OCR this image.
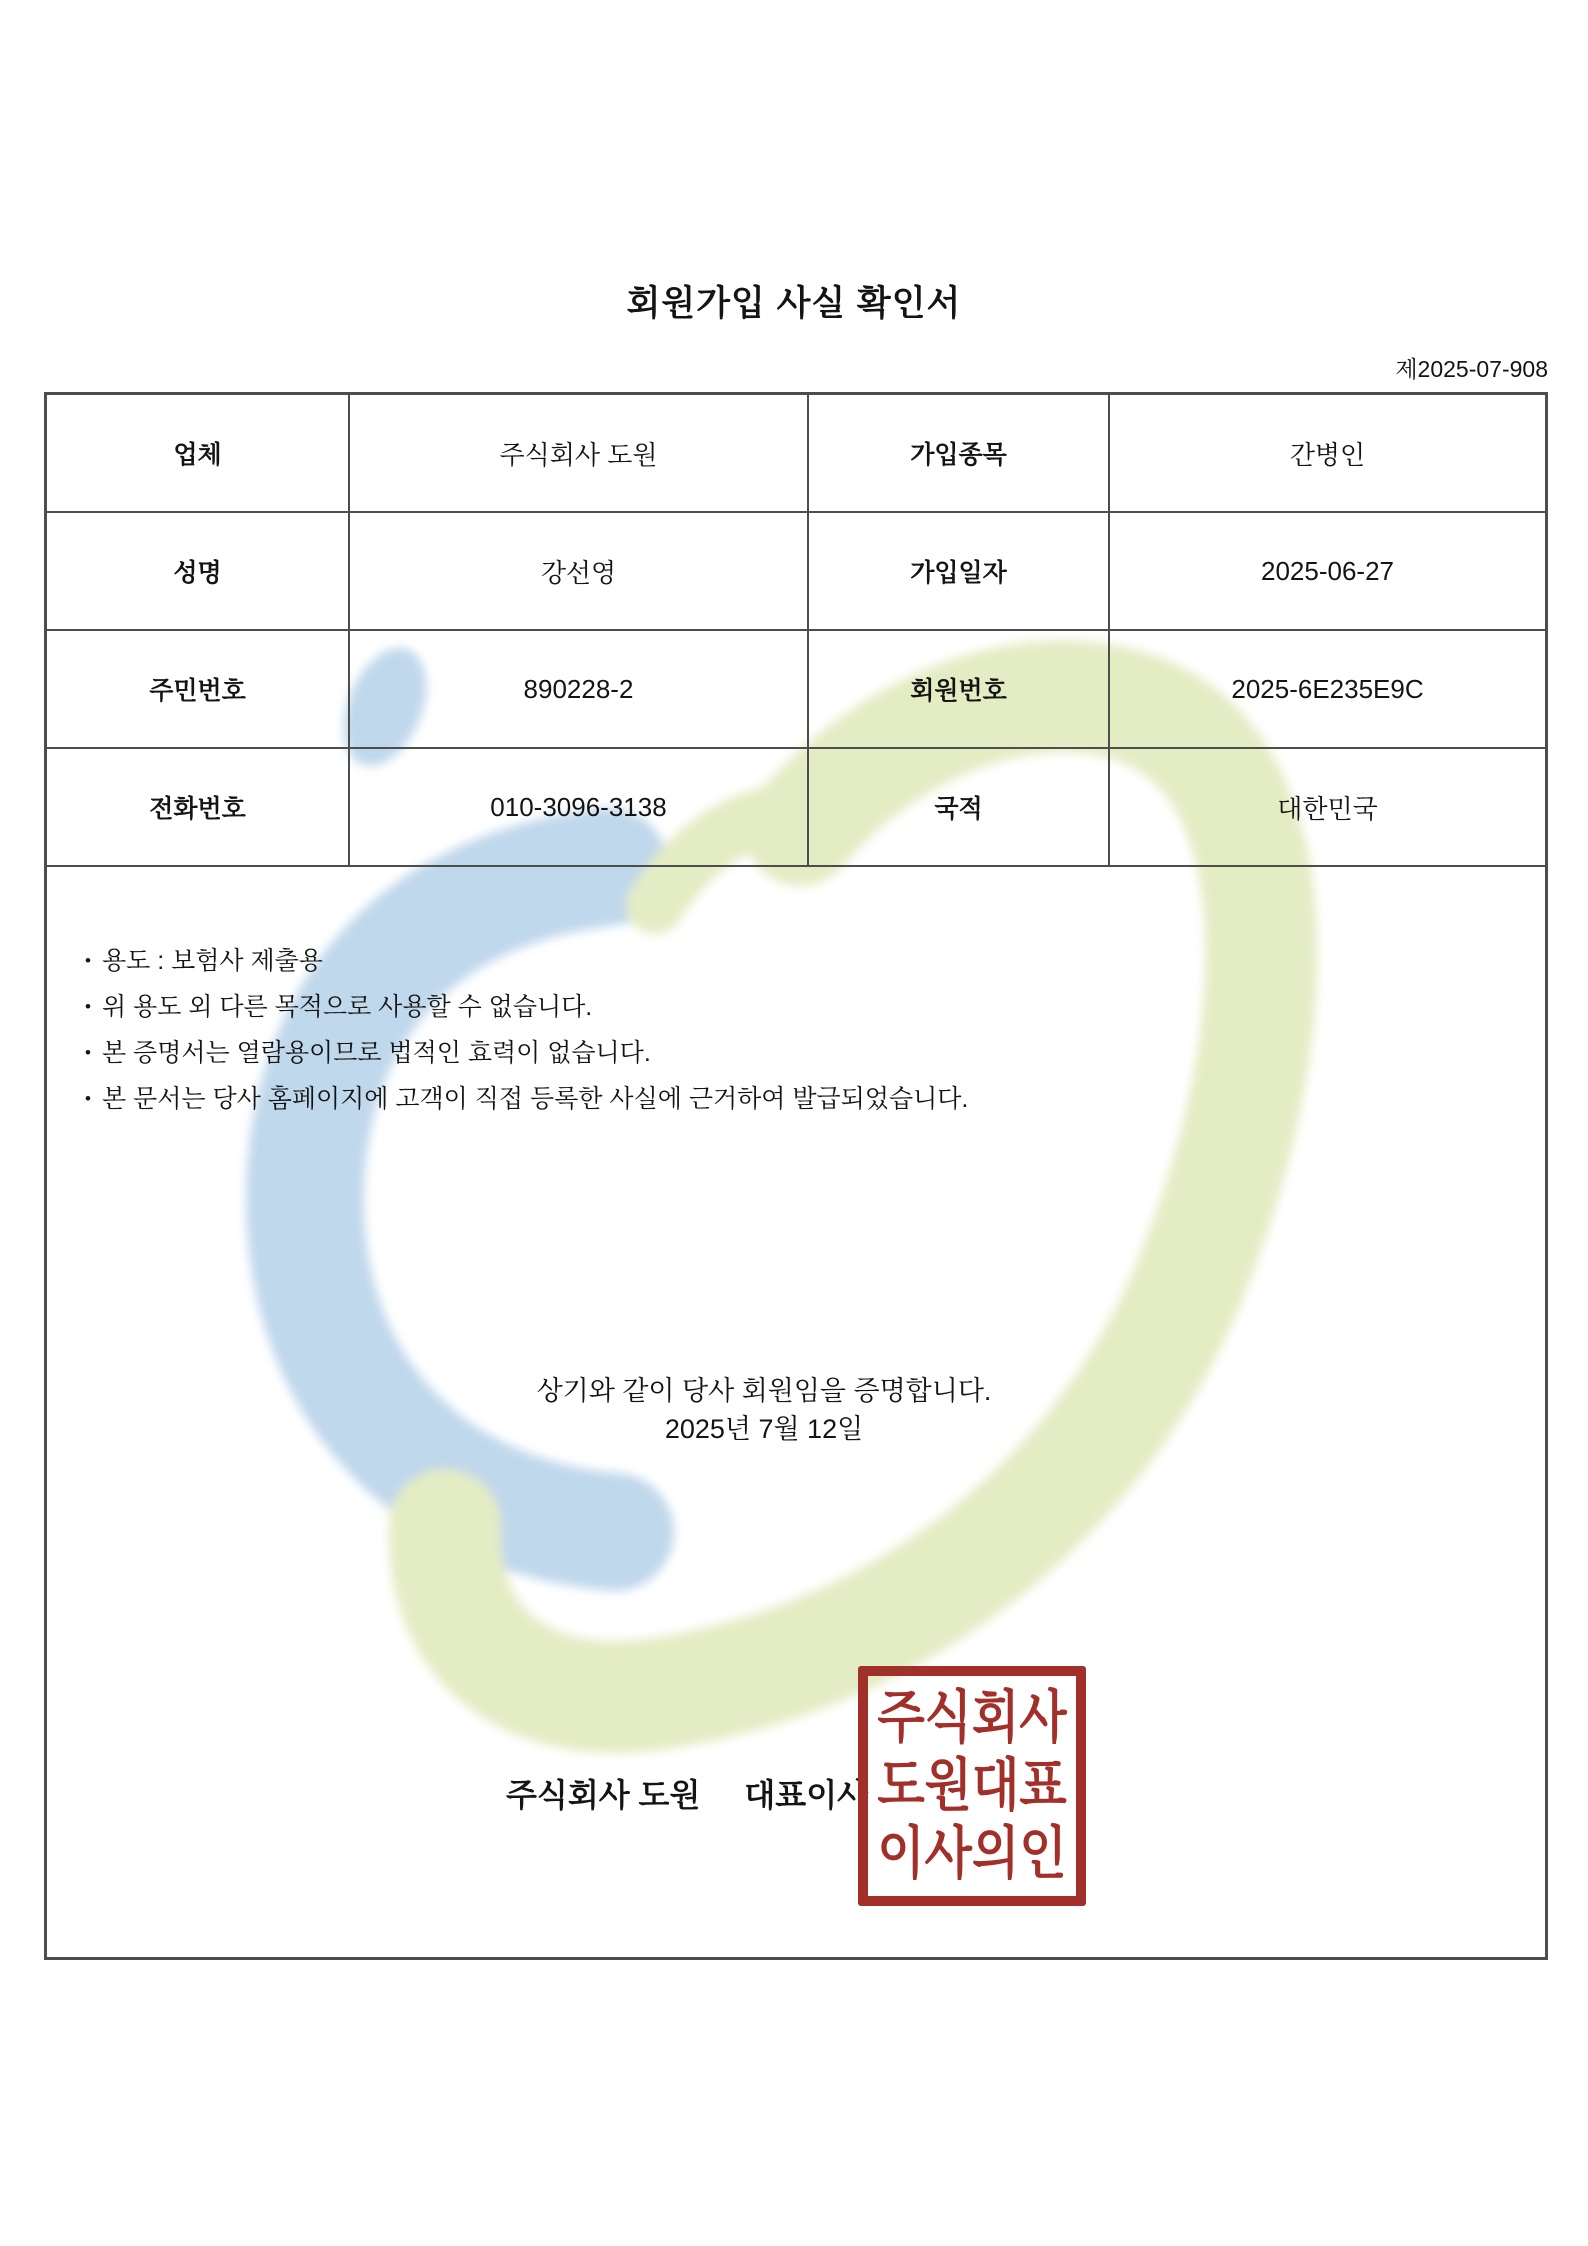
회원가입 사실 확인서
제2025-07-908
업체	주식회사 도원	가입종목	간병인
성명	강선영	가입일자	2025-06-27
주민번호	890228-2	회원번호	2025-6E235E9C
전화번호	010-3096-3138	국적	대한민국
• 용도 : 보험사 제출용
• 위 용도 외 다른 목적으로 사용할 수 없습니다.
• 본 증명서는 열람용이므로 법적인 효력이 없습니다.
• 본 문서는 당사 홈페이지에 고객이 직접 등록한 사실에 근거하여 발급되었습니다.
상기와 같이 당사 회원임을 증명합니다.
2025년 7월 12일
주식회사 도원 대표이사
주식회사
도원대표
이사의인
